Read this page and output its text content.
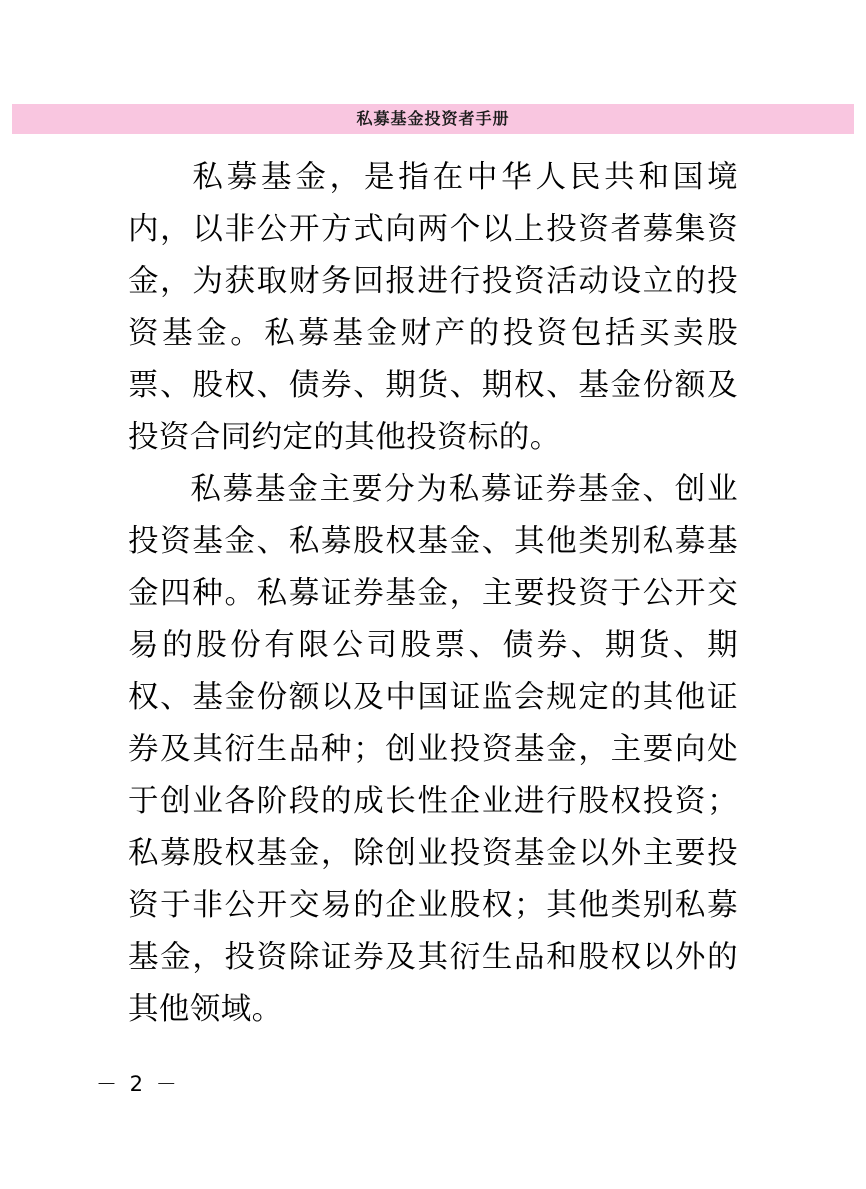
私募基金投资者手册

私募基金，是指在中华人民共和国境内，以非公开方式向两个以上投资者募集资金，为获取财务回报进行投资活动设立的投资基金。私募基金财产的投资包括买卖股票、股权、债券、期货、期权、基金份额及投资合同约定的其他投资标的。

私募基金主要分为私募证券基金、创业投资基金、私募股权基金、其他类别私募基金四种。私募证券基金，主要投资于公开交易的股份有限公司股票、债券、期货、期权、基金份额以及中国证监会规定的其他证券及其衍生品种；创业投资基金，主要向处于创业各阶段的成长性企业进行股权投资；私募股权基金，除创业投资基金以外主要投资于非公开交易的企业股权；其他类别私募基金，投资除证券及其衍生品和股权以外的其他领域。

－ 2 －
